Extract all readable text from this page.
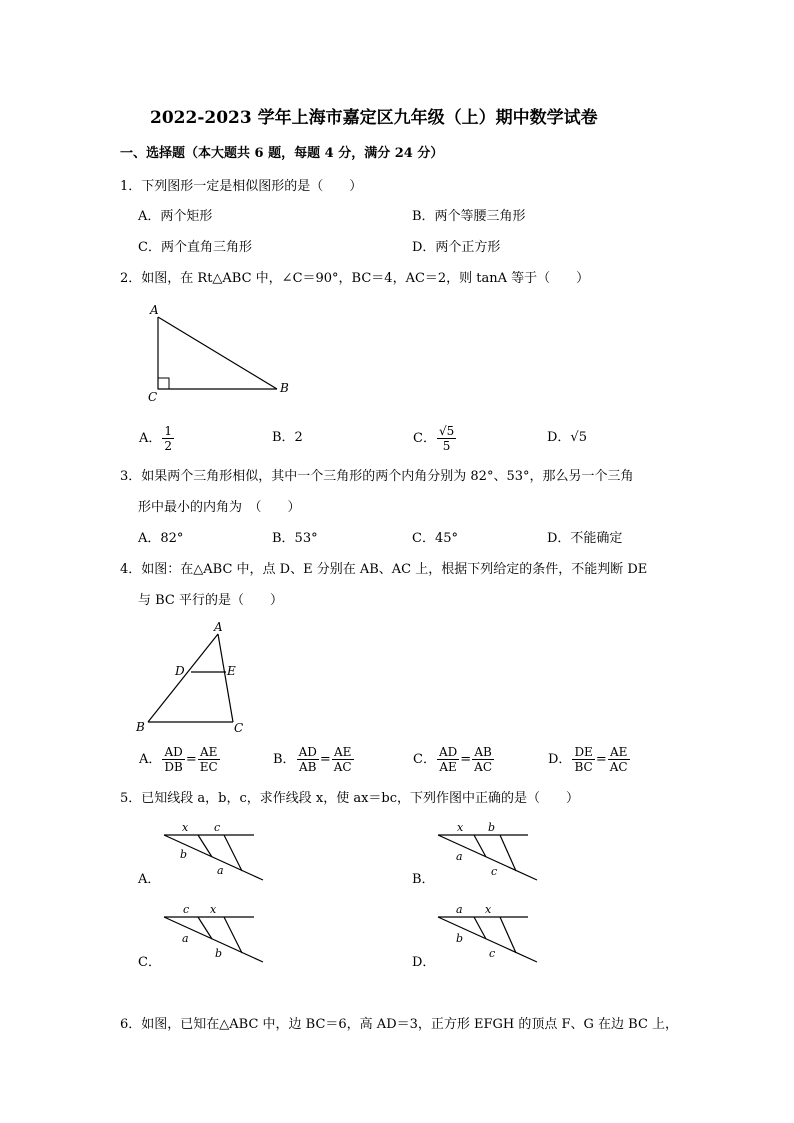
2022-2023 学年上海市嘉定区九年级（上）期中数学试卷
一、选择题（本大题共 6 题，每题 4 分，满分 24 分）
1．下列图形一定是相似图形的是（　　）
A．两个矩形	B．两个等腰三角形
C．两个直角三角形	D．两个正方形
2．如图，在 Rt△ABC 中，∠C＝90°，BC＝4，AC＝2，则 tanA 等于（　　）
A
C
B
A． $\frac{1}{2}$	B．2	C． $\frac{√5}{5}$	D．√5
3．如果两个三角形相似，其中一个三角形的两个内角分别为 82°、53°，那么另一个三角
形中最小的内角为　（　　）
A．82°	B．53°	C．45°	D．不能确定
4．如图：在△ABC 中，点 D、E 分别在 AB、AC 上，根据下列给定的条件，不能判断 DE
与 BC 平行的是（　　）
A
D	E
B	C
A． $\frac{AD}{DB} = \frac{AE}{EC}$	B． $\frac{AD}{AB} = \frac{AE}{AC}$	C． $\frac{AD}{AE} = \frac{AB}{AC}$	D． $\frac{DE}{BC} = \frac{AE}{AC}$
5．已知线段 a，b，c，求作线段 x，使 ax＝bc，下列作图中正确的是（　　）
x c
b
a
A．
x b
a
c
B．
c x
a
b
C．
a x
b
c
D．
6．如图，已知在△ABC 中，边 BC＝6，高 AD＝3，正方形 EFGH 的顶点 F、G 在边 BC 上，
